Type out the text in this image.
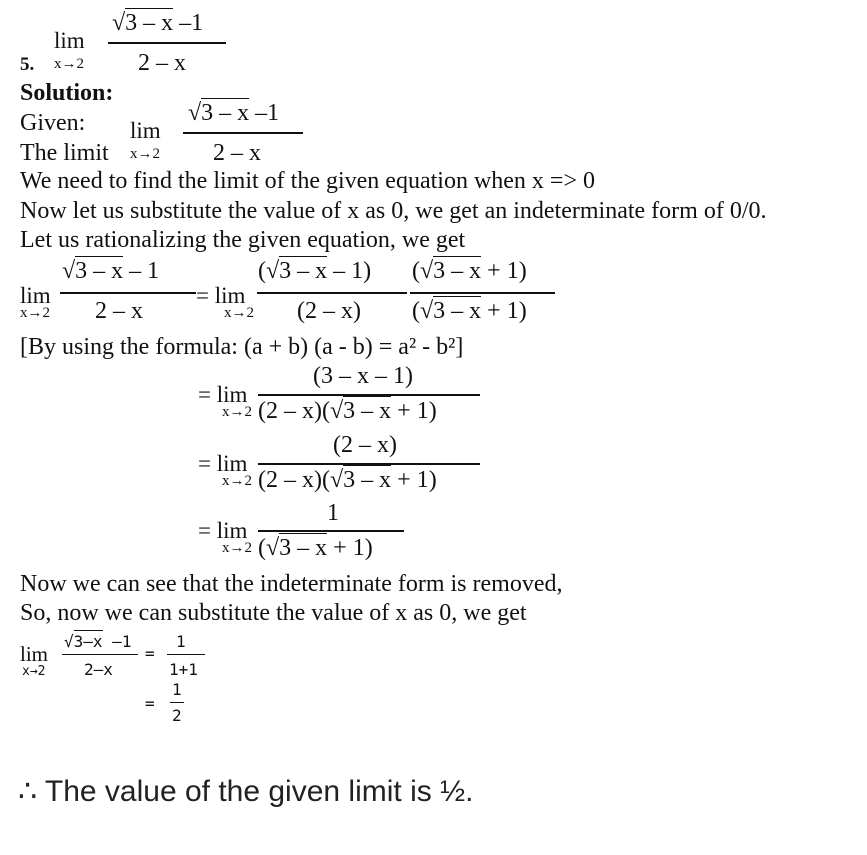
lim
5. x→2
√3 – x –1
2 – x
Solution:
Given:
The limit
lim
x→2
√3 – x –1
2 – x
We need to find the limit of the given equation when x => 0
Now let us substitute the value of x as 0, we get an indeterminate form of 0/0.
Let us rationalizing the given equation, we get
lim
x→2
√3 – x – 1
2 – x
= lim
x→2
(√3 – x – 1)
(2 – x)
(√3 – x + 1)
(√3 – x + 1)
[By using the formula: (a + b) (a - b) = a² - b²]
= lim
x→2
(3 – x – 1)
(2 – x)(√3 – x + 1)
= lim
x→2
(2 – x)
(2 – x)(√3 – x + 1)
= lim
x→2
1
(√3 – x + 1)
Now we can see that the indeterminate form is removed,
So, now we can substitute the value of x as 0, we get
lim
x→2
√3–x –1
2–x
=
1
1+1
=
1
2
∴ The value of the given limit is ½.
